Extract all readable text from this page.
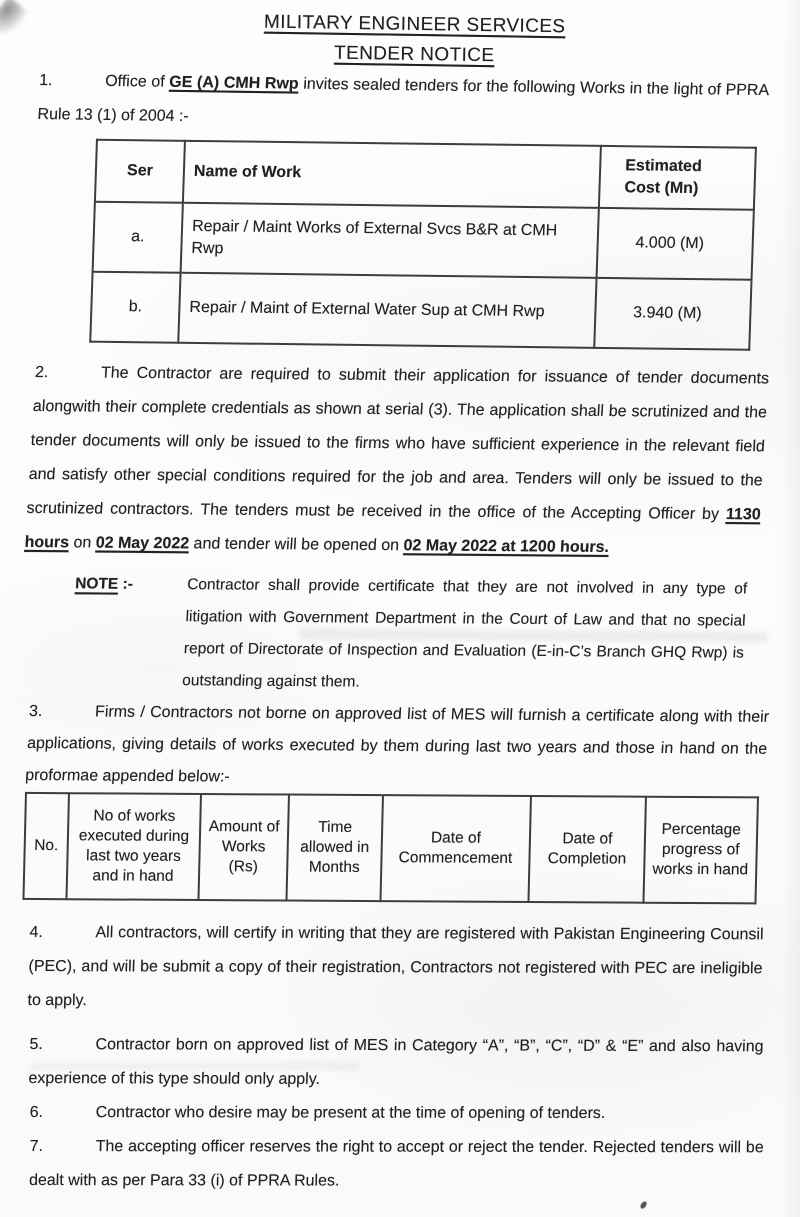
MILITARY ENGINEER SERVICES
TENDER NOTICE

1.	Office of GE (A) CMH Rwp invites sealed tenders for the following Works in the light of PPRA Rule 13 (1) of 2004 :-

Ser	Name of Work	Estimated Cost (Mn)
a.	Repair / Maint Works of External Svcs B&R at CMH Rwp	4.000 (M)
b.	Repair / Maint of External Water Sup at CMH Rwp	3.940 (M)

2.	The Contractor are required to submit their application for issuance of tender documents alongwith their complete credentials as shown at serial (3). The application shall be scrutinized and the tender documents will only be issued to the firms who have sufficient experience in the relevant field and satisfy other special conditions required for the job and area. Tenders will only be issued to the scrutinized contractors. The tenders must be received in the office of the Accepting Officer by 1130 hours on 02 May 2022 and tender will be opened on 02 May 2022 at 1200 hours.

NOTE :-	Contractor shall provide certificate that they are not involved in any type of litigation with Government Department in the Court of Law and that no special report of Directorate of Inspection and Evaluation (E-in-C’s Branch GHQ Rwp) is outstanding against them.

3.	Firms / Contractors not borne on approved list of MES will furnish a certificate along with their applications, giving details of works executed by them during last two years and those in hand on the proformae appended below:-

No.	No of works executed during last two years and in hand	Amount of Works (Rs)	Time allowed in Months	Date of Commencement	Date of Completion	Percentage progress of works in hand

4.	All contractors, will certify in writing that they are registered with Pakistan Engineering Counsil (PEC), and will be submit a copy of their registration, Contractors not registered with PEC are ineligible to apply.

5.	Contractor born on approved list of MES in Category “A”, “B”, “C”, “D” & “E” and also having experience of this type should only apply.

6.	Contractor who desire may be present at the time of opening of tenders.

7.	The accepting officer reserves the right to accept or reject the tender. Rejected tenders will be dealt with as per Para 33 (i) of PPRA Rules.
